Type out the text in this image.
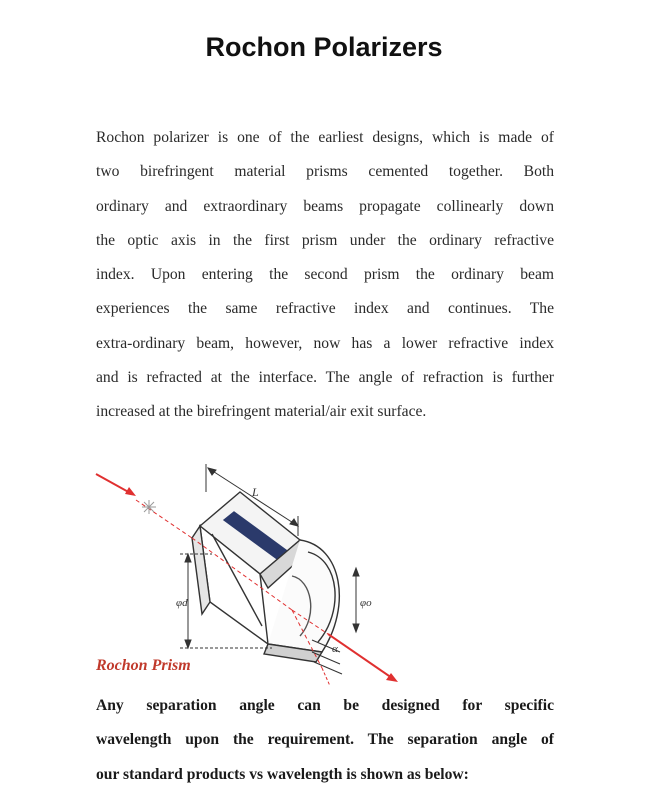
Rochon Polarizers
Rochon polarizer is one of the earliest designs, which is made of
two birefringent material prisms cemented together. Both
ordinary and extraordinary beams propagate collinearly down
the optic axis in the first prism under the ordinary refractive
index. Upon entering the second prism the ordinary beam
experiences the same refractive index and continues. The
extra-ordinary beam, however, now has a lower refractive index
and is refracted at the interface. The angle of refraction is further
increased at the birefringent material/air exit surface.
L
φd	φo
α

Rochon Prism

Any separation angle can be designed for specific
wavelength upon the requirement. The separation angle of
our standard products vs wavelength is shown as below:
